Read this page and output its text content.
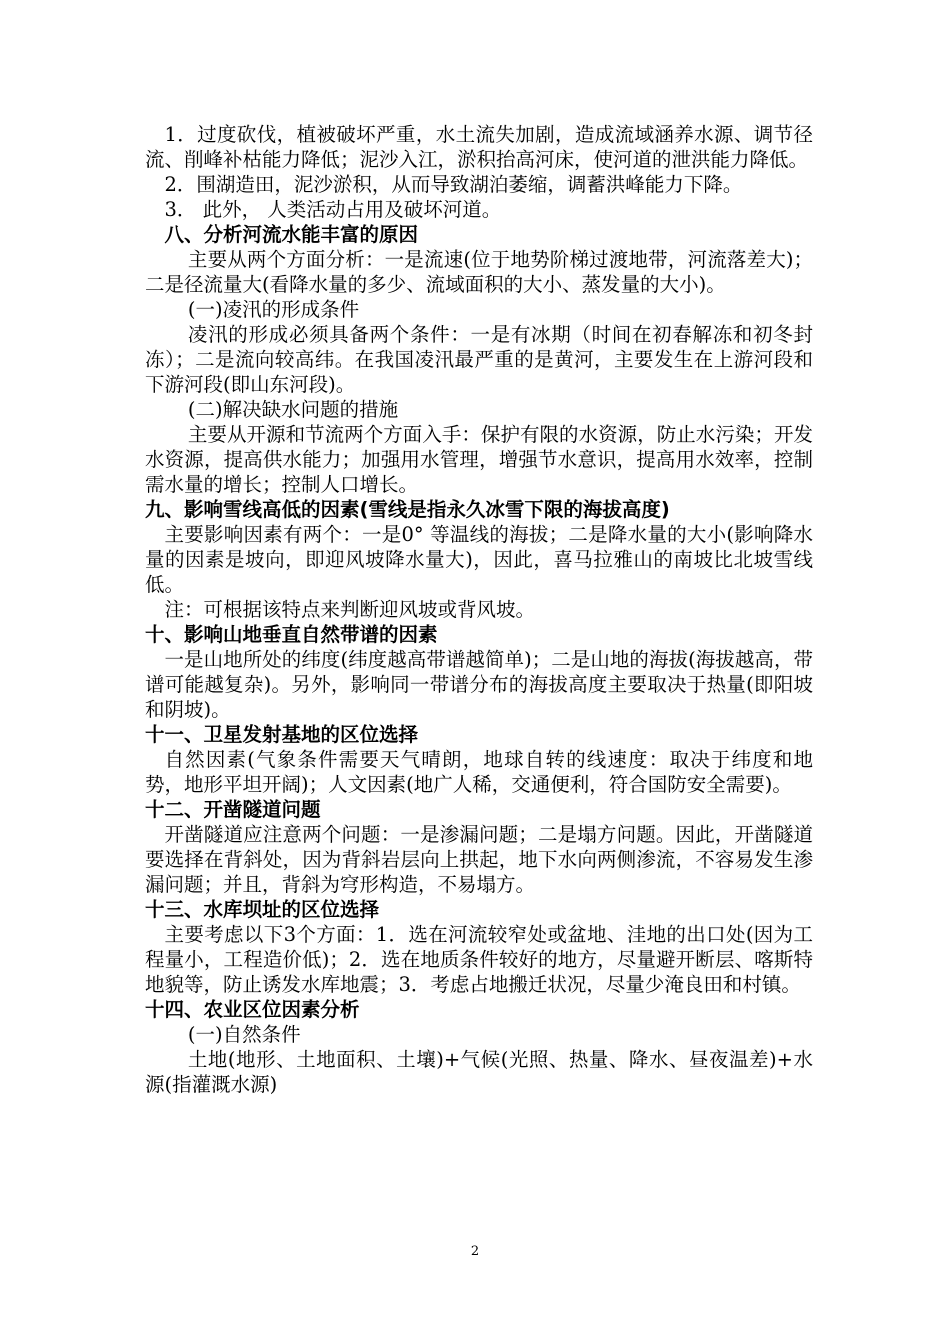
1．过度砍伐，植被破坏严重，水土流失加剧，造成流域涵养水源、调节径流、削峰补枯能力降低；泥沙入江，淤积抬高河床，使河道的泄洪能力降低。

2．围湖造田，泥沙淤积，从而导致湖泊萎缩，调蓄洪峰能力下降。

3． 此外， 人类活动占用及破坏河道。

八、分析河流水能丰富的原因

主要从两个方面分析：一是流速(位于地势阶梯过渡地带，河流落差大)；二是径流量大(看降水量的多少、流域面积的大小、蒸发量的大小)。

(一)凌汛的形成条件

凌汛的形成必须具备两个条件：一是有冰期（时间在初春解冻和初冬封冻）；二是流向较高纬。在我国凌汛最严重的是黄河，主要发生在上游河段和下游河段(即山东河段)。

(二)解决缺水问题的措施

主要从开源和节流两个方面入手：保护有限的水资源，防止水污染；开发水资源，提高供水能力；加强用水管理，增强节水意识，提高用水效率，控制需水量的增长；控制人口增长。

九、影响雪线高低的因素(雪线是指永久冰雪下限的海拔高度)

主要影响因素有两个：一是0° 等温线的海拔；二是降水量的大小(影响降水量的因素是坡向，即迎风坡降水量大)，因此，喜马拉雅山的南坡比北坡雪线低。

注：可根据该特点来判断迎风坡或背风坡。

十、影响山地垂直自然带谱的因素

一是山地所处的纬度(纬度越高带谱越简单)；二是山地的海拔(海拔越高，带谱可能越复杂)。另外，影响同一带谱分布的海拔高度主要取决于热量(即阳坡和阴坡)。

十一、卫星发射基地的区位选择

自然因素(气象条件需要天气晴朗，地球自转的线速度：取决于纬度和地势，地形平坦开阔)；人文因素(地广人稀，交通便利，符合国防安全需要)。

十二、开凿隧道问题

开凿隧道应注意两个问题：一是渗漏问题；二是塌方问题。因此，开凿隧道要选择在背斜处，因为背斜岩层向上拱起，地下水向两侧渗流，不容易发生渗漏问题；并且，背斜为穹形构造，不易塌方。

十三、水库坝址的区位选择

主要考虑以下3个方面：1．选在河流较窄处或盆地、洼地的出口处(因为工程量小，工程造价低)；2．选在地质条件较好的地方，尽量避开断层、喀斯特地貌等，防止诱发水库地震；3．考虑占地搬迁状况，尽量少淹良田和村镇。

十四、农业区位因素分析

(一)自然条件

土地(地形、土地面积、土壤)+气候(光照、热量、降水、昼夜温差)+水源(指灌溉水源)

2
